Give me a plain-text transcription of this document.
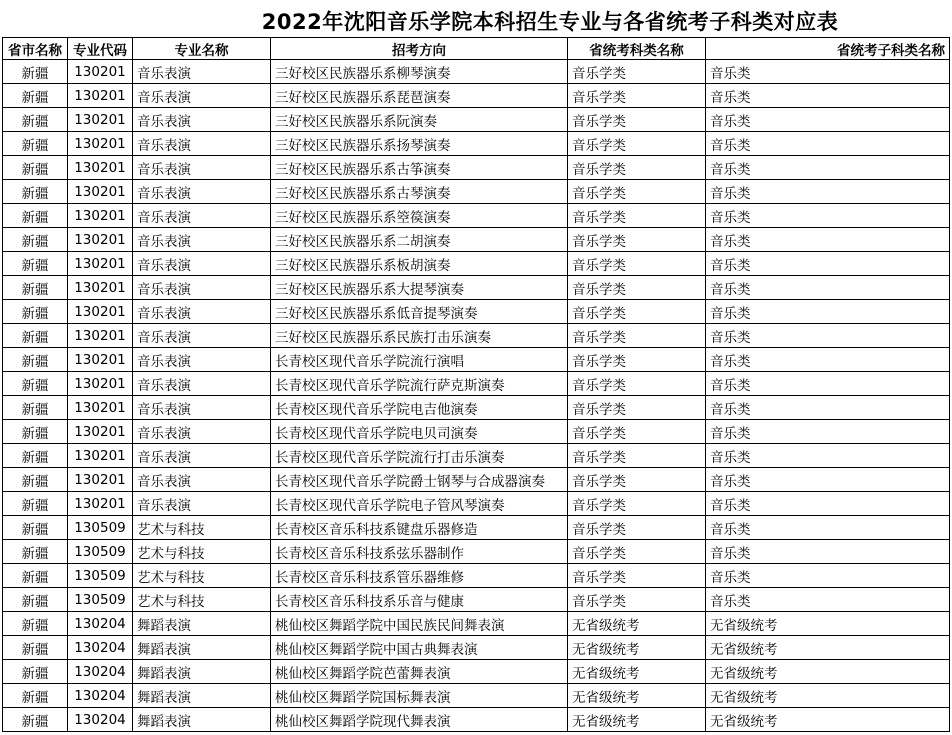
2022年沈阳音乐学院本科招生专业与各省统考子科类对应表
省市名称	专业代码	专业名称	招考方向	省统考科类名称	省统考子科类名称
新疆	130201	音乐表演	三好校区民族器乐系柳琴演奏	音乐学类	音乐类
新疆	130201	音乐表演	三好校区民族器乐系琵琶演奏	音乐学类	音乐类
新疆	130201	音乐表演	三好校区民族器乐系阮演奏	音乐学类	音乐类
新疆	130201	音乐表演	三好校区民族器乐系扬琴演奏	音乐学类	音乐类
新疆	130201	音乐表演	三好校区民族器乐系古筝演奏	音乐学类	音乐类
新疆	130201	音乐表演	三好校区民族器乐系古琴演奏	音乐学类	音乐类
新疆	130201	音乐表演	三好校区民族器乐系箜篌演奏	音乐学类	音乐类
新疆	130201	音乐表演	三好校区民族器乐系二胡演奏	音乐学类	音乐类
新疆	130201	音乐表演	三好校区民族器乐系板胡演奏	音乐学类	音乐类
新疆	130201	音乐表演	三好校区民族器乐系大提琴演奏	音乐学类	音乐类
新疆	130201	音乐表演	三好校区民族器乐系低音提琴演奏	音乐学类	音乐类
新疆	130201	音乐表演	三好校区民族器乐系民族打击乐演奏	音乐学类	音乐类
新疆	130201	音乐表演	长青校区现代音乐学院流行演唱	音乐学类	音乐类
新疆	130201	音乐表演	长青校区现代音乐学院流行萨克斯演奏	音乐学类	音乐类
新疆	130201	音乐表演	长青校区现代音乐学院电吉他演奏	音乐学类	音乐类
新疆	130201	音乐表演	长青校区现代音乐学院电贝司演奏	音乐学类	音乐类
新疆	130201	音乐表演	长青校区现代音乐学院流行打击乐演奏	音乐学类	音乐类
新疆	130201	音乐表演	长青校区现代音乐学院爵士钢琴与合成器演奏	音乐学类	音乐类
新疆	130201	音乐表演	长青校区现代音乐学院电子管风琴演奏	音乐学类	音乐类
新疆	130509	艺术与科技	长青校区音乐科技系键盘乐器修造	音乐学类	音乐类
新疆	130509	艺术与科技	长青校区音乐科技系弦乐器制作	音乐学类	音乐类
新疆	130509	艺术与科技	长青校区音乐科技系管乐器维修	音乐学类	音乐类
新疆	130509	艺术与科技	长青校区音乐科技系乐音与健康	音乐学类	音乐类
新疆	130204	舞蹈表演	桃仙校区舞蹈学院中国民族民间舞表演	无省级统考	无省级统考
新疆	130204	舞蹈表演	桃仙校区舞蹈学院中国古典舞表演	无省级统考	无省级统考
新疆	130204	舞蹈表演	桃仙校区舞蹈学院芭蕾舞表演	无省级统考	无省级统考
新疆	130204	舞蹈表演	桃仙校区舞蹈学院国标舞表演	无省级统考	无省级统考
新疆	130204	舞蹈表演	桃仙校区舞蹈学院现代舞表演	无省级统考	无省级统考
